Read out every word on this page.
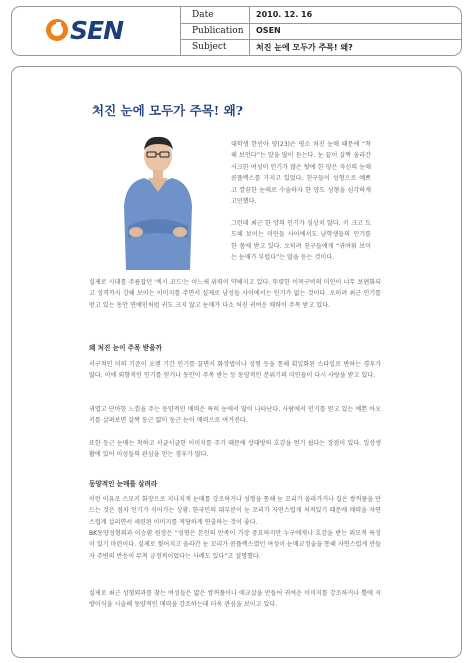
SEN
Date	2010. 12. 16
Publication OSEN
Subject	처진 눈에 모두가 주목! 왜?
처진 눈에 모두가 주목! 왜?
대학생 한민아 양(23)은 평소 처진 눈매 때문에 “착해 보인다”는 말을 많이 듣는다. 눈 끝이 살짝 올라간 시크한 여성이 인기가 많은 탓에 한 양은 자신의 눈매 콤플렉스를 가지고 있었다. 친구들이 성형으로 예쁘고 깔끔한 눈매로 수술하자 한 양도 성형을 심각하게 고민했다.
그런데 최근 한 양의 인기가 심상치 않다. 키 크고 도도해 보이는 미인들 사이에서도 남학생들의 인기를 한 몸에 받고 있다. 오히려 친구들에게 “귀여워 보이는 눈매가 부럽다”는 말을 듣는 것이다.
실제로 시대를 주름잡던 '섹시 코드'는 어느새 위력이 약해지고 있다. 뚜렷한 이목구비의 미인이 너무 보편화되고 성격까지 강해 보이는 이미지를 주면서 실제로 남성들 사이에서는 인기가 없는 것이다. 오히려 최근 인기를 얻고 있는 동안 연예인처럼 귀도 크지 않고 눈매가 다소 처진 귀여운 매력이 주목 받고 있다.
왜 처진 눈이 주목 받을까
서구적인 미의 기준이 오랜 기간 인기를 끌면서 화장법이나 성형 등을 통해 획일화된 스타일로 변하는 경우가 많다. 이에 외향적인 인기를 얻거나 동안이 주목 받는 등 동양적인 분위기의 미인들이 다시 사랑을 받고 있다.
귀엽고 단아한 느낌을 주는 동양적인 매력은 특히 눈에서 많이 나타난다. 사람에서 인기를 얻고 있는 예쁜 아오키를 살펴보면 살짝 둥근 얇이 둥근 눈이 매력으로 여겨진다.
또한 둥근 눈매는 착하고 서글서글한 이미지를 주기 때문에 상대방의 호감을 얻기 쉽다는 장점이 있다. 일상생활에 있어 이성들의 관심을 얻는 경우가 많다.
동양적인 눈매를 살려라
이런 이유로 스모키 화장으로 지나치게 눈매를 강조하거나 성형을 통해 눈 꼬리가 올라가거나 집은 쌍꺼풀을 만드는 것은 점차 인기가 식어가는 상황. 한국인의 대부분이 눈 꼬리가 자연스럽게 처져있기 때문에 매력을 자연스럽게 살리면서 세련된 이미지를 적당하게 연출하는 것이 좋다.
BK동양성형외과 이승환 원장은 “성형은 본인의 만족이 가장 중요하지만 누구에게나 호감을 받는 외모적 특징이 있기 마련이다. 실제로 찢어지고 올라간 눈 꼬리가 콤플렉스였던 여성이 눈매교정술을 통해 자연스럽게 만들자 주변의 반응이 무척 긍정적이었다는 사례도 있다”고 설명했다.
실제로 최근 성형외과를 찾는 여성들은 얇은 쌍꺼풀이나 애교살을 만들어 귀여운 이미지를 강조하거나 뿔에 지방이식을 시술해 동양적인 매력을 강조하는데 더욱 관심을 보이고 있다.
